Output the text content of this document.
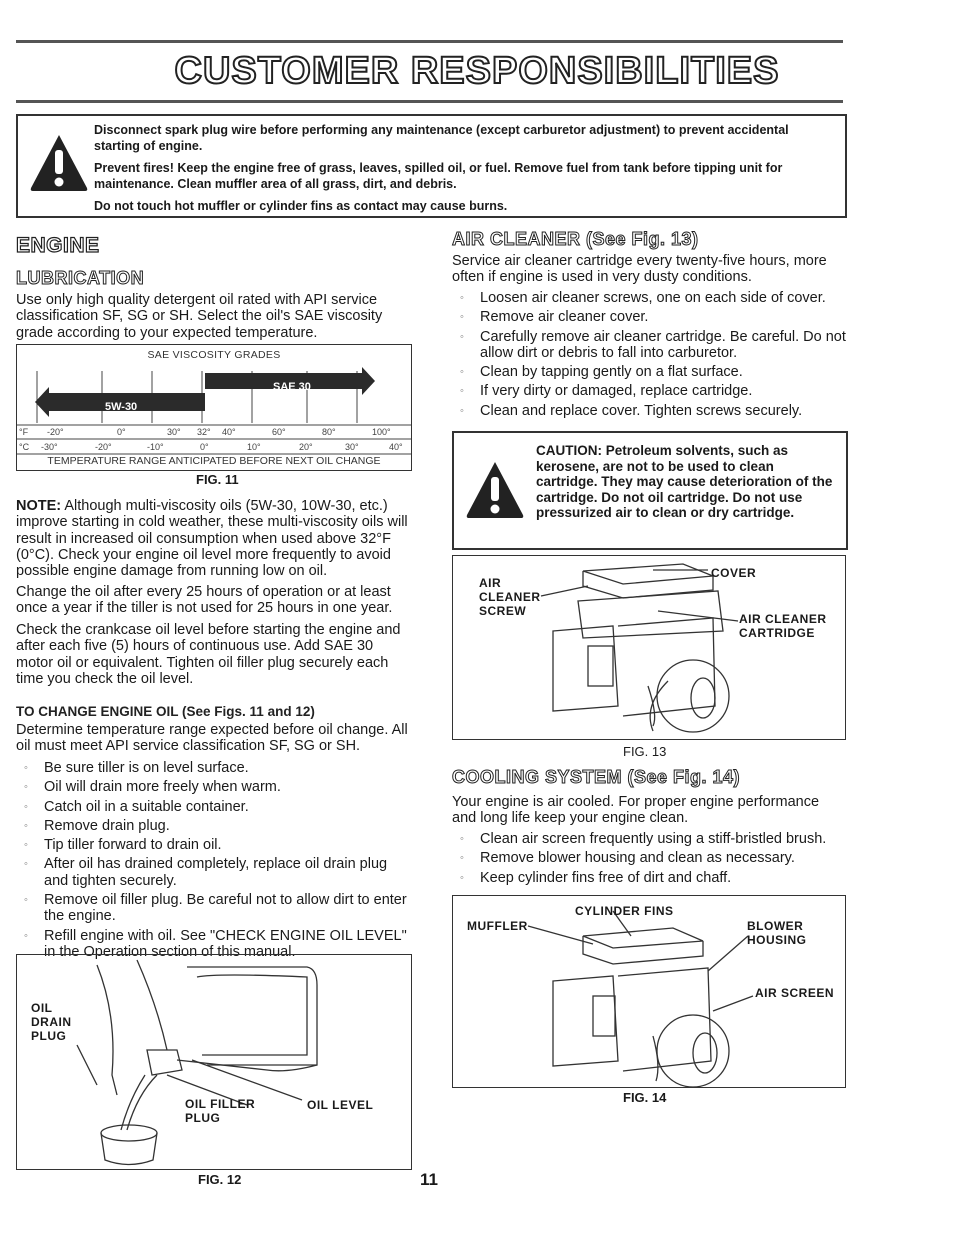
CUSTOMER RESPONSIBILITIES

Disconnect spark plug wire before performing any maintenance (except carburetor adjustment) to prevent accidental starting of engine.

Prevent fires! Keep the engine free of grass, leaves, spilled oil, or fuel. Remove fuel from tank before tipping unit for maintenance. Clean muffler area of all grass, dirt, and debris.

Do not touch hot muffler or cylinder fins as contact may cause burns.

ENGINE
LUBRICATION

Use only high quality detergent oil rated with API service classification SF, SG or SH. Select the oil's SAE viscosity grade according to your expected temperature.

SAE VISCOSITY GRADES
SAE 30
5W-30
°F -20°	0°	30° 32° 40°	60°	80°	100°
°C -30°	-20°	-10°	0°	10°	20°	30°	40°
TEMPERATURE RANGE ANTICIPATED BEFORE NEXT OIL CHANGE
FIG. 11

NOTE: Although multi-viscosity oils (5W-30, 10W-30, etc.) improve starting in cold weather, these multi-viscosity oils will result in increased oil consumption when used above 32°F (0°C). Check your engine oil level more frequently to avoid possible engine damage from running low on oil.

Change the oil after every 25 hours of operation or at least once a year if the tiller is not used for 25 hours in one year.

Check the crankcase oil level before starting the engine and after each five (5) hours of continuous use. Add SAE 30 motor oil or equivalent. Tighten oil filler plug securely each time you check the oil level.

TO CHANGE ENGINE OIL (See Figs. 11 and 12)

Determine temperature range expected before oil change. All oil must meet API service classification SF, SG or SH.

◦ Be sure tiller is on level surface.
◦ Oil will drain more freely when warm.
◦ Catch oil in a suitable container.
◦ Remove drain plug.
◦ Tip tiller forward to drain oil.
◦ After oil has drained completely, replace oil drain plug and tighten securely.
◦ Remove oil filler plug. Be careful not to allow dirt to enter the engine.
◦ Refill engine with oil. See "CHECK ENGINE OIL LEVEL" in the Operation section of this manual.
OIL
DRAIN
PLUG
OIL FILLER
PLUG
OIL LEVEL
FIG. 12	11
AIR CLEANER (See Fig. 13)

Service air cleaner cartridge every twenty-five hours, more often if engine is used in very dusty conditions.

◦ Loosen air cleaner screws, one on each side of cover.
◦ Remove air cleaner cover.
◦ Carefully remove air cleaner cartridge. Be careful. Do not allow dirt or debris to fall into carburetor.
◦ Clean by tapping gently on a flat surface.
◦ If very dirty or damaged, replace cartridge.
◦ Clean and replace cover. Tighten screws securely.
CAUTION: Petroleum solvents, such as kerosene, are not to be used to clean cartridge. They may cause deterioration of the cartridge. Do not oil cartridge. Do not use pressurized air to clean or dry cartridge.
AIR
CLEANER
SCREW
COVER
AIR CLEANER
CARTRIDGE
FIG. 13
COOLING SYSTEM (See Fig. 14)

Your engine is air cooled. For proper engine performance and long life keep your engine clean.

◦ Clean air screen frequently using a stiff-bristled brush.
◦ Remove blower housing and clean as necessary.
◦ Keep cylinder fins free of dirt and chaff.
CYLINDER FINS
MUFFLER	BLOWER
HOUSING
AIR SCREEN
FIG. 14
